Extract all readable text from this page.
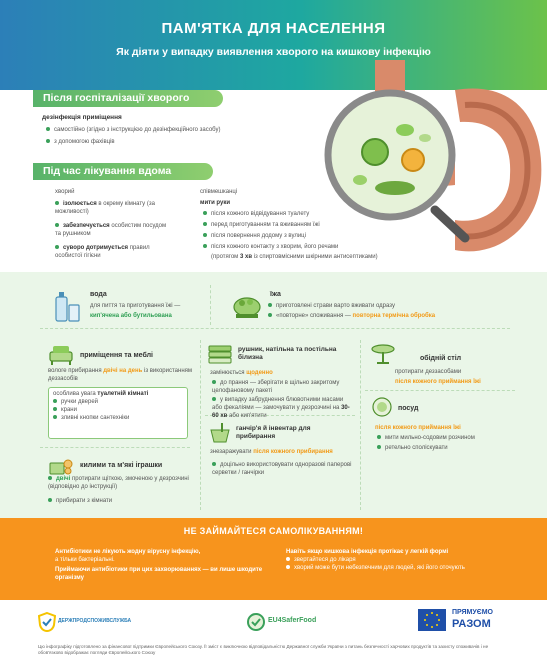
ПАМ'ЯТКА ДЛЯ НАСЕЛЕННЯ
Як діяти у випадку виявлення хворого на кишкову інфекцію
Після госпіталізації хворого
дезінфекція приміщення
самостійно (згідно з інструкцією до дезінфекційного засобу)
з допомогою фахівців
Під час лікування вдома
хворий
ізолюється в окрему кімнату (за можливості)
забезпечується особистим посудом та рушником
суворо дотримується правил особистої гігієни
співмешканці
мити руки
після кожного відвідування туалету
перед приготуванням та вживанням їжі
після повернення додому з вулиці
після кожного контакту з хворим, його речами
(протягом 3 хв із спиртовмісними шкірними антисептиками)
вода
для пиття та приготування їжі —
кип'ячена або бутильована
їжа
приготовлені страви варто вживати одразу
«повторне» споживання — повторна термічна обробка
приміщення та меблі
вологе прибирання двічі на день із використанням деззасобів
особлива увага туалетній кімнаті
ручки дверей
крани
зливні кнопки сантехніки
рушник, натільна та постільна білизна
замінюється щоденно
до прання — зберігати в щільно закритому целофановому пакеті
у випадку забруднення блювотними масами або фекаліями — замочувати у дезрозчині на 30-60 хв або кип'ятити
обідній стіл
протирати деззасобами
після кожного приймання їжі
посуд
після кожного приймання їжі
мити мильно-содовим розчином
ретельно споліскувати
килими та м'які іграшки
двічі протирати щіткою, змоченою у дезрозчині (відповідно до інструкції)
прибирати з кімнати
ганчір'я й інвентар для прибирання
знезаражувати після кожного прибирання
доцільно використовувати одноразові паперові серветки / ганчірки
НЕ ЗАЙМАЙТЕСЯ САМОЛІКУВАННЯМ!
Антибіотики не лікують жодну вірусну інфекцію,
а тільки бактеріальні.
Приймаючи антибіотики при цих захворюваннях — ви лише шкодите організму
Навіть якщо кишкова інфекція протікає у легкій формі
звертайтеся до лікаря
хворий може бути небезпечним для людей, які його оточують
ДЕРЖПРОДСПОЖИВСЛУЖБА	EU4SaferFood
ПРЯМУЄМО
РАЗОМ
Цю інфографіку підготовлено за фінансової підтримки Європейського Союзу. Її зміст є виключною відповідальністю Державної служби України з питань безпечності харчових продуктів та захисту споживачів і не обов'язково відображає погляди Європейського Союзу
